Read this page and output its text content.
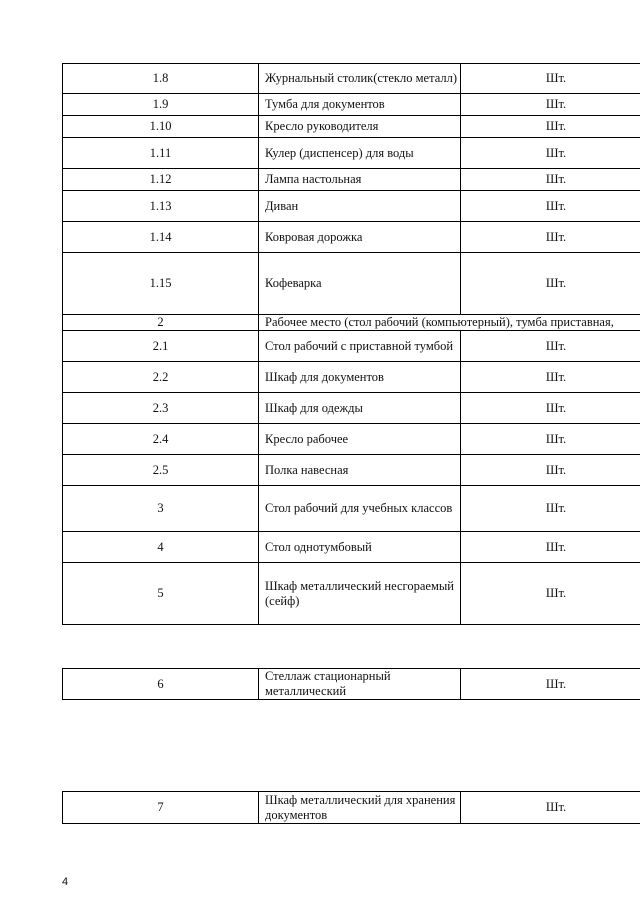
1.8	Журнальный столик(стекло металл)	Шт.
1.9	Тумба для документов	Шт.
1.10	Кресло руководителя	Шт.
1.11	Кулер (диспенсер) для воды	Шт.
1.12	Лампа настольная	Шт.
1.13	Диван	Шт.
1.14	Ковровая дорожка	Шт.
1.15	Кофеварка	Шт.
2	Рабочее место (стол рабочий (компьютерный), тумба приставная,	
2.1	Стол рабочий с приставной тумбой	Шт.
2.2	Шкаф для документов	Шт.
2.3	Шкаф для одежды	Шт.
2.4	Кресло рабочее	Шт.
2.5	Полка навесная	Шт.
3	Стол рабочий для учебных классов	Шт.
4	Стол однотумбовый	Шт.
5	Шкаф металлический несгораемый (сейф)	Шт.
6	Стеллаж стационарный металлический	Шт.
7	Шкаф металлический для хранения документов	Шт.
4
